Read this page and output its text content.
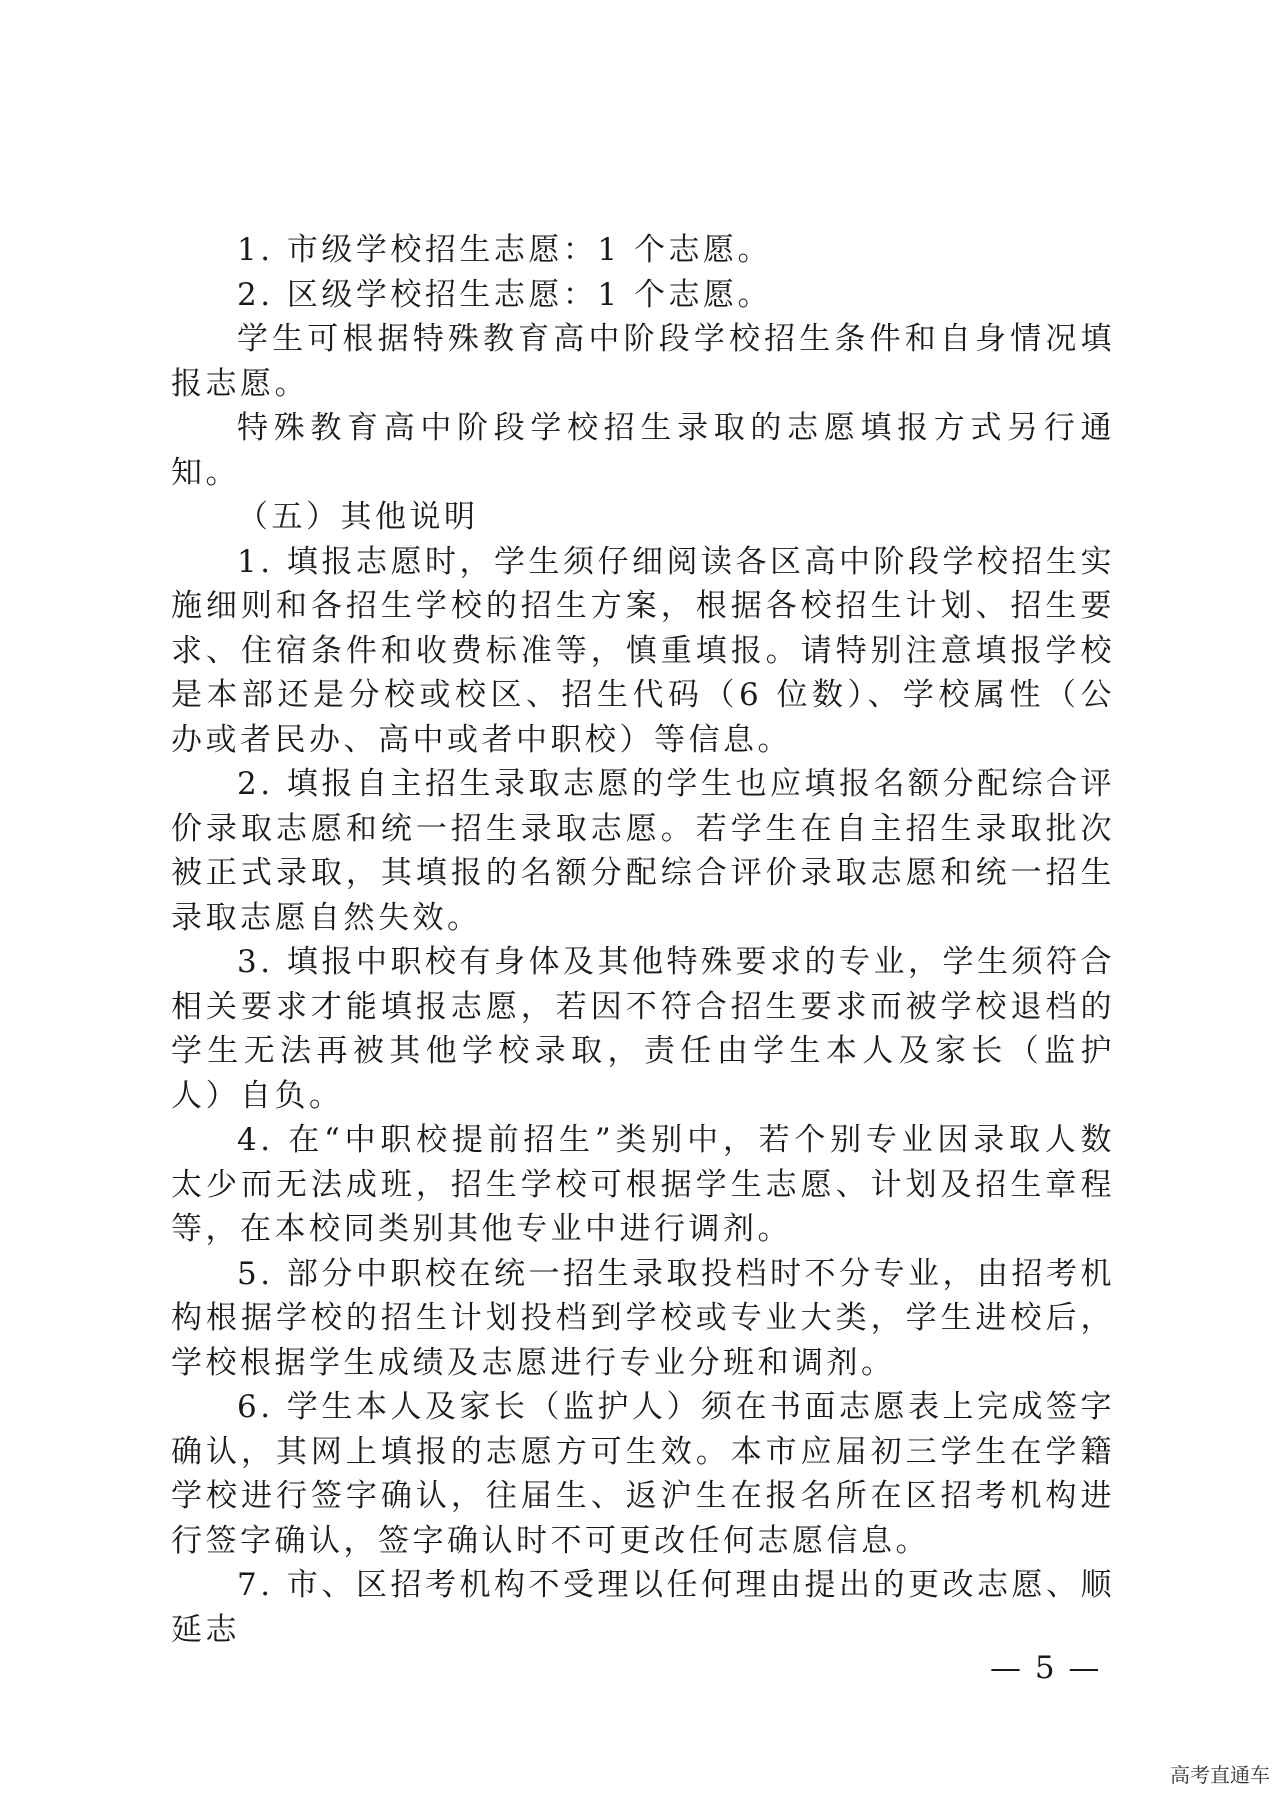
1. 市级学校招生志愿：1 个志愿。

2. 区级学校招生志愿：1 个志愿。

学生可根据特殊教育高中阶段学校招生条件和自身情况填报志愿。

特殊教育高中阶段学校招生录取的志愿填报方式另行通知。

（五）其他说明

1. 填报志愿时，学生须仔细阅读各区高中阶段学校招生实施细则和各招生学校的招生方案，根据各校招生计划、招生要求、住宿条件和收费标准等，慎重填报。请特别注意填报学校是本部还是分校或校区、招生代码（6 位数）、学校属性（公办或者民办、高中或者中职校）等信息。

2. 填报自主招生录取志愿的学生也应填报名额分配综合评价录取志愿和统一招生录取志愿。若学生在自主招生录取批次被正式录取，其填报的名额分配综合评价录取志愿和统一招生录取志愿自然失效。

3. 填报中职校有身体及其他特殊要求的专业，学生须符合相关要求才能填报志愿，若因不符合招生要求而被学校退档的学生无法再被其他学校录取，责任由学生本人及家长（监护人）自负。

4. 在“中职校提前招生”类别中，若个别专业因录取人数太少而无法成班，招生学校可根据学生志愿、计划及招生章程等，在本校同类别其他专业中进行调剂。

5. 部分中职校在统一招生录取投档时不分专业，由招考机构根据学校的招生计划投档到学校或专业大类，学生进校后，学校根据学生成绩及志愿进行专业分班和调剂。

6. 学生本人及家长（监护人）须在书面志愿表上完成签字确认，其网上填报的志愿方可生效。本市应届初三学生在学籍学校进行签字确认，往届生、返沪生在报名所在区招考机构进行签字确认，签字确认时不可更改任何志愿信息。

7. 市、区招考机构不受理以任何理由提出的更改志愿、顺延志

— 5 —
高考直通车
